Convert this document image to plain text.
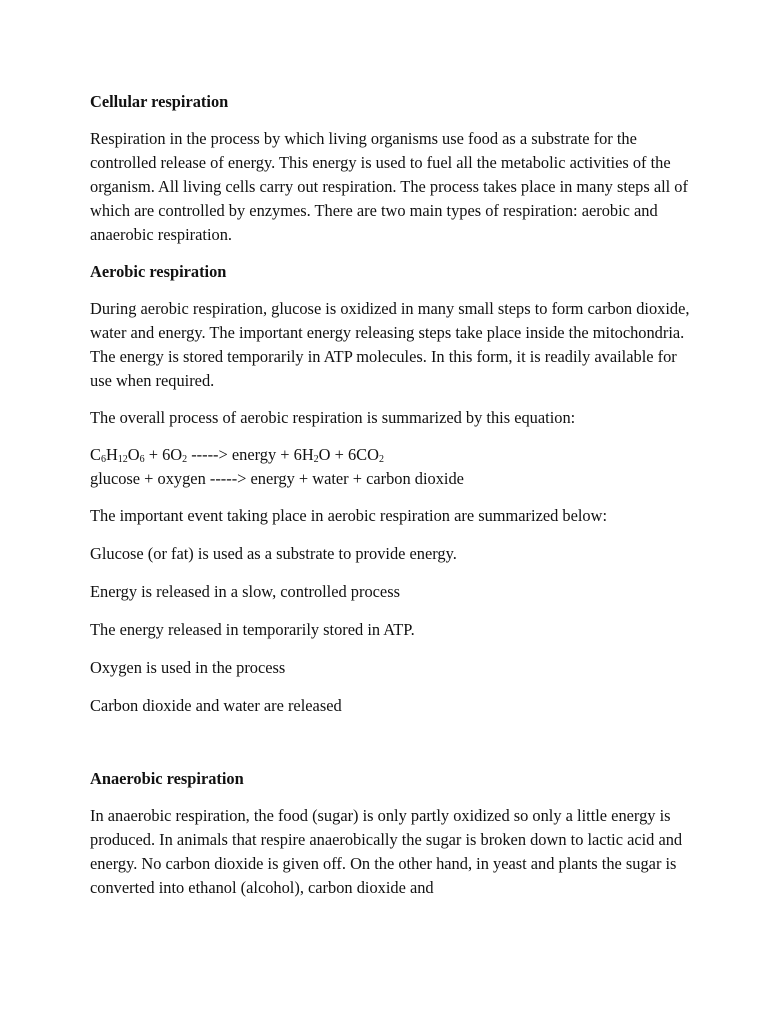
Cellular respiration

Respiration in the process by which living organisms use food as a substrate for the controlled release of energy. This energy is used to fuel all the metabolic activities of the organism. All living cells carry out respiration. The process takes place in many steps all of which are controlled by enzymes. There are two main types of respiration: aerobic and anaerobic respiration.

Aerobic respiration

During aerobic respiration, glucose is oxidized in many small steps to form carbon dioxide, water and energy. The important energy releasing steps take place inside the mitochondria. The energy is stored temporarily in ATP molecules. In this form, it is readily available for use when required.

The overall process of aerobic respiration is summarized by this equation:

$C_6H_{12}O_6 + 6O_2$ -----> energy + $6H_2O + 6CO_2$

glucose + oxygen -----> energy + water + carbon dioxide

The important event taking place in aerobic respiration are summarized below:

Glucose (or fat) is used as a substrate to provide energy.

Energy is released in a slow, controlled process

The energy released in temporarily stored in ATP.

Oxygen is used in the process

Carbon dioxide and water are released

Anaerobic respiration

In anaerobic respiration, the food (sugar) is only partly oxidized so only a little energy is produced. In animals that respire anaerobically the sugar is broken down to lactic acid and energy. No carbon dioxide is given off. On the other hand, in yeast and plants the sugar is converted into ethanol (alcohol), carbon dioxide and
